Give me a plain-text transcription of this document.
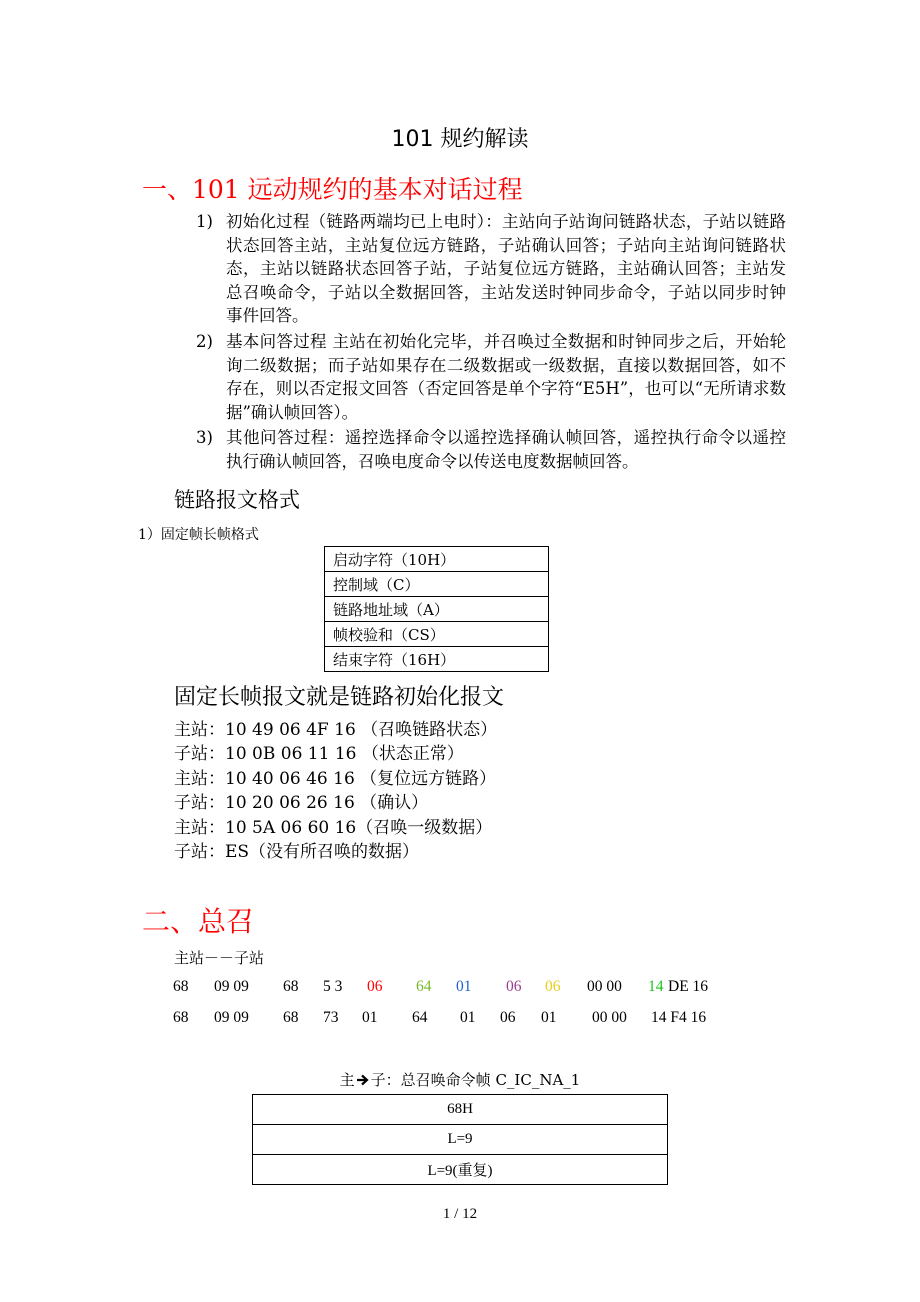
101 规约解读
一、101 远动规约的基本对话过程
1) 初始化过程（链路两端均已上电时）：主站向子站询问链路状态，子站以链路状态回答主站，主站复位远方链路，子站确认回答；子站向主站询问链路状态，主站以链路状态回答子站，子站复位远方链路，主站确认回答；主站发总召唤命令，子站以全数据回答，主站发送时钟同步命令，子站以同步时钟事件回答。
2) 基本问答过程 主站在初始化完毕，并召唤过全数据和时钟同步之后，开始轮询二级数据；而子站如果存在二级数据或一级数据，直接以数据回答，如不存在，则以否定报文回答（否定回答是单个字符“E5H”，也可以“无所请求数据”确认帧回答）。
3) 其他问答过程：遥控选择命令以遥控选择确认帧回答，遥控执行命令以遥控执行确认帧回答，召唤电度命令以传送电度数据帧回答。
链路报文格式
1）固定帧长帧格式
启动字符（10H）
控制域（C）
链路地址域（A）
帧校验和（CS）
结束字符（16H）
固定长帧报文就是链路初始化报文
主站：10 49 06 4F 16 （召唤链路状态）
子站：10 0B 06 11 16 （状态正常）
主站：10 40 06 46 16 （复位远方链路）
子站：10 20 06 26 16 （确认）
主站：10 5A 06 60 16（召唤一级数据）
子站：ES（没有所召唤的数据）
二、总召
主站－－子站
68 09 09 68 5 3 06 64 01 06 06 00 00 14 DE 16
68 09 09 68 73 01 64 01 06 01 00 00 14 F4 16
主 子：总召唤命令帧 C_IC_NA_1
68H
L=9
L=9(重复)
1 / 12
